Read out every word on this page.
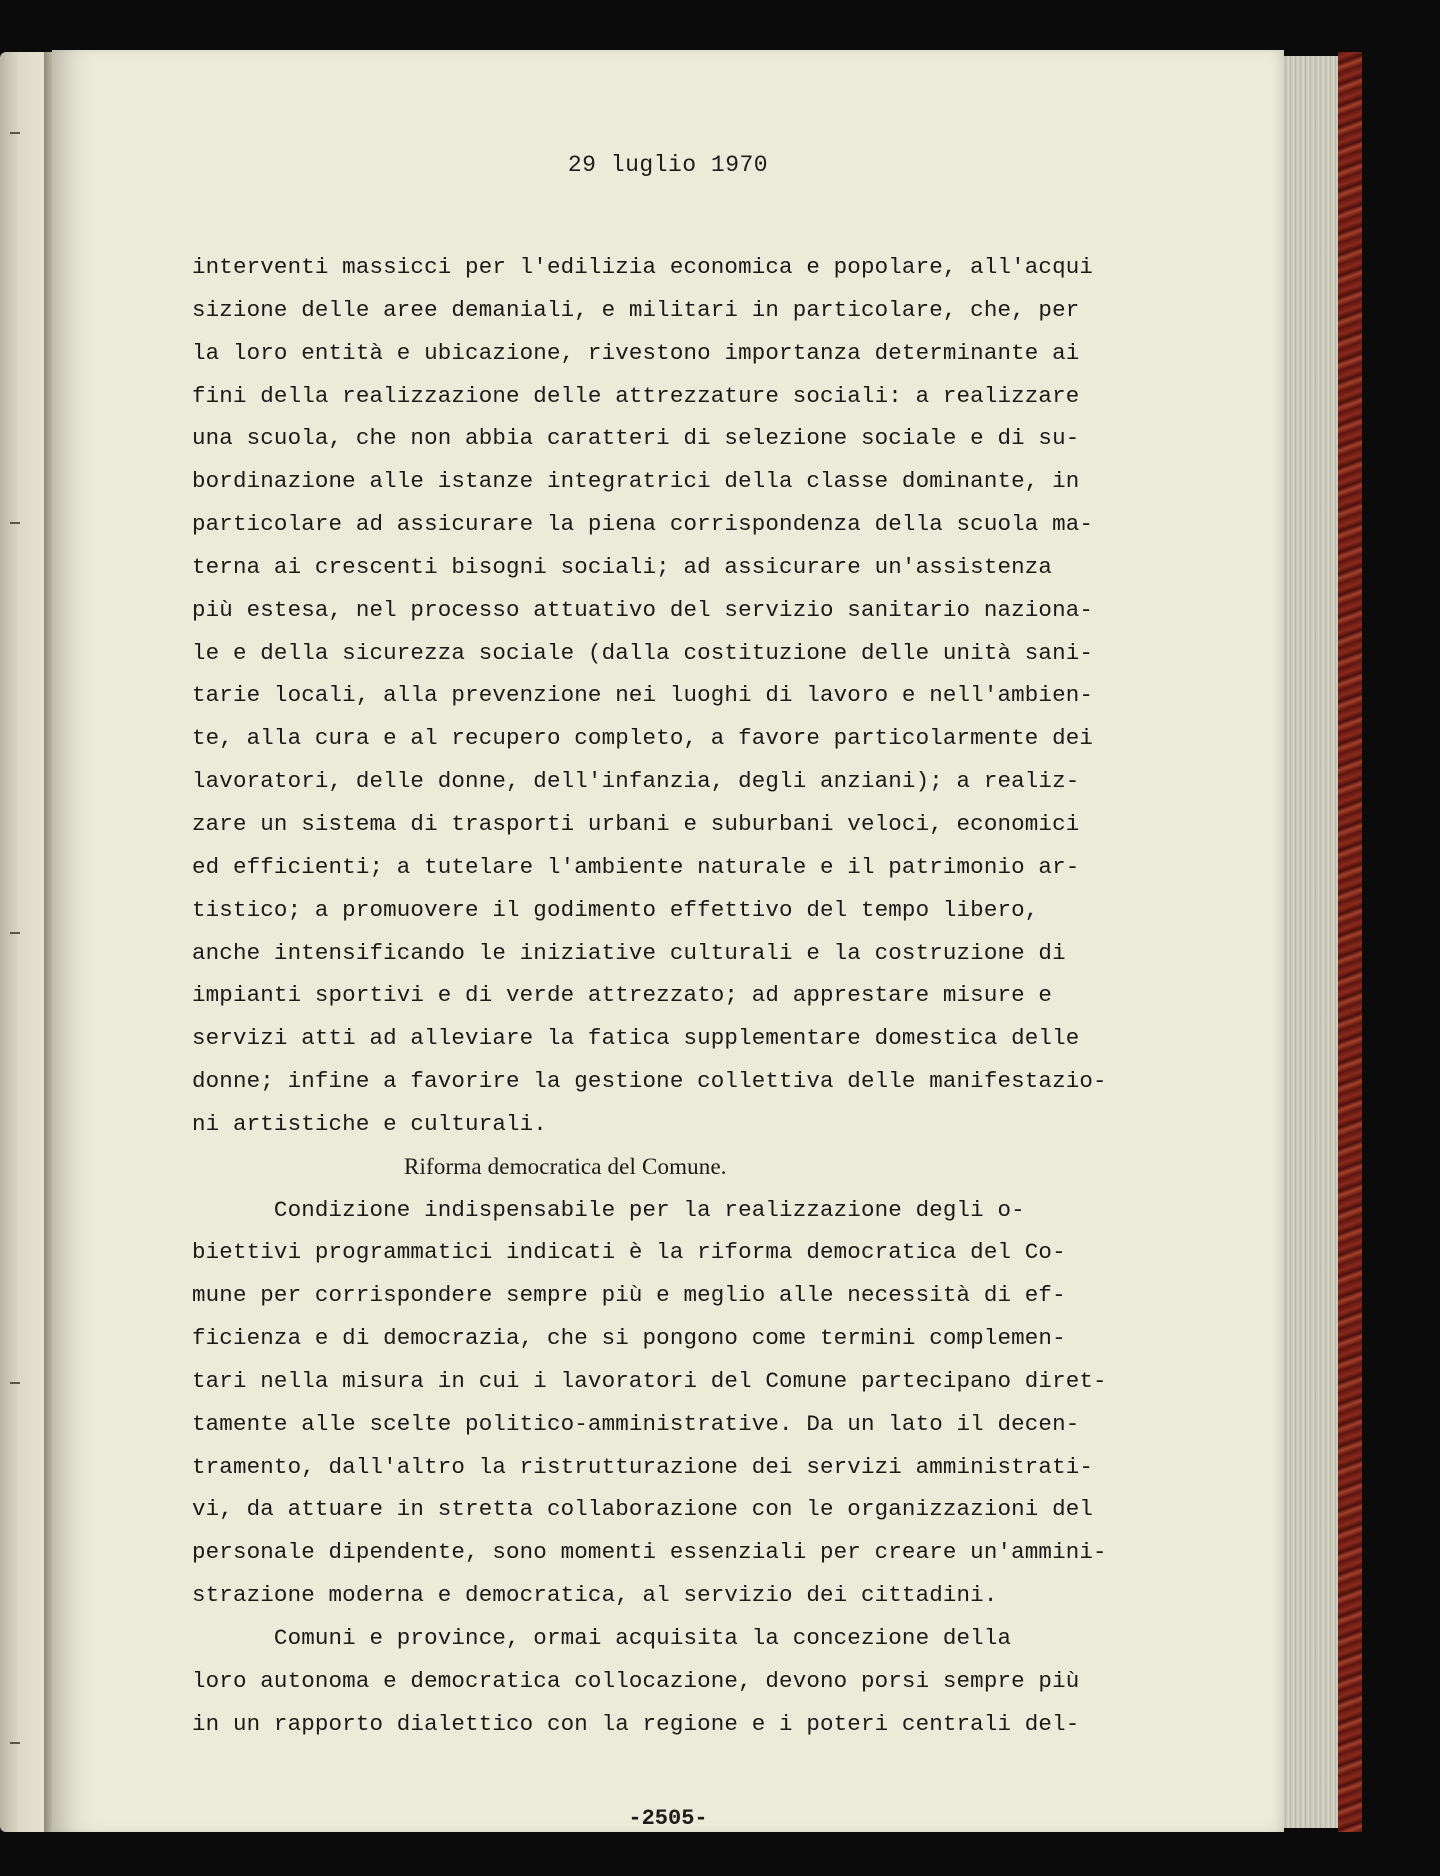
29 luglio 1970
interventi massicci per l'edilizia economica e popolare, all'acqui
sizione delle aree demaniali, e militari in particolare, che, per
la loro entità e ubicazione, rivestono importanza determinante ai
fini della realizzazione delle attrezzature sociali: a realizzare
una scuola, che non abbia caratteri di selezione sociale e di su-
bordinazione alle istanze integratrici della classe dominante, in
particolare ad assicurare la piena corrispondenza della scuola ma-
terna ai crescenti bisogni sociali; ad assicurare un'assistenza
più estesa, nel processo attuativo del servizio sanitario naziona-
le e della sicurezza sociale (dalla costituzione delle unità sani-
tarie locali, alla prevenzione nei luoghi di lavoro e nell'ambien-
te, alla cura e al recupero completo, a favore particolarmente dei
lavoratori, delle donne, dell'infanzia, degli anziani); a realiz-
zare un sistema di trasporti urbani e suburbani veloci, economici
ed efficienti; a tutelare l'ambiente naturale e il patrimonio ar-
tistico; a promuovere il godimento effettivo del tempo libero,
anche intensificando le iniziative culturali e la costruzione di
impianti sportivi e di verde attrezzato; ad apprestare misure e
servizi atti ad alleviare la fatica supplementare domestica delle
donne; infine a favorire la gestione collettiva delle manifestazio-
ni artistiche e culturali.
Riforma democratica del Comune.
Condizione indispensabile per la realizzazione degli o-
biettivi programmatici indicati è la riforma democratica del Co-
mune per corrispondere sempre più e meglio alle necessità di ef-
ficienza e di democrazia, che si pongono come termini complemen-
tari nella misura in cui i lavoratori del Comune partecipano diret-
tamente alle scelte politico-amministrative. Da un lato il decen-
tramento, dall'altro la ristrutturazione dei servizi amministrati-
vi, da attuare in stretta collaborazione con le organizzazioni del
personale dipendente, sono momenti essenziali per creare un'ammini-
strazione moderna e democratica, al servizio dei cittadini.
Comuni e province, ormai acquisita la concezione della
loro autonoma e democratica collocazione, devono porsi sempre più
in un rapporto dialettico con la regione e i poteri centrali del-
-2505-
